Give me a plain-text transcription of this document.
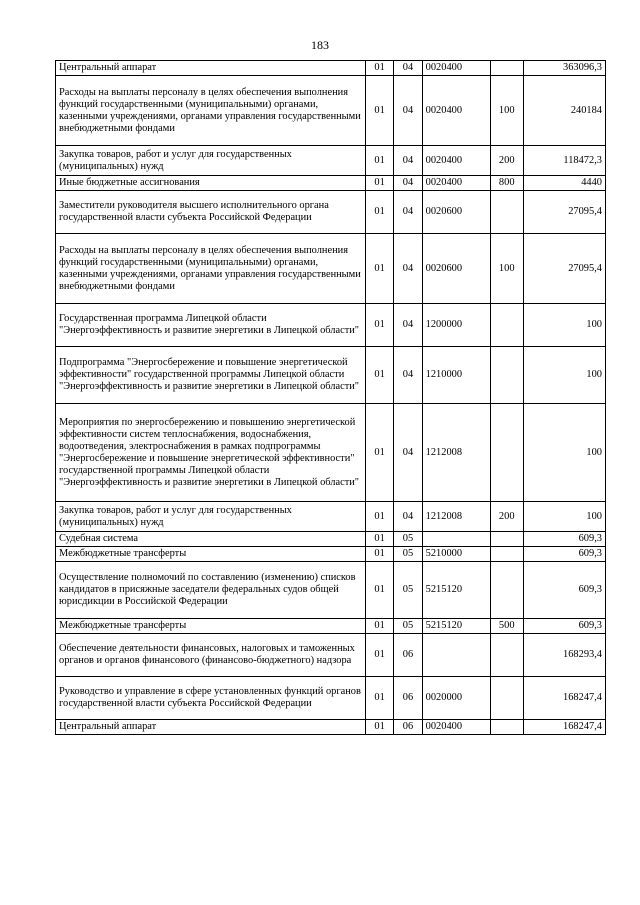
183
Центральный аппарат	01	04	0020400		363096,3
Расходы на выплаты персоналу в целях обеспечения выполнения функций государственными (муниципальными) органами, казенными учреждениями, органами управления государственными внебюджетными фондами	01	04	0020400	100	240184
Закупка товаров, работ и услуг для государственных (муниципальных) нужд	01	04	0020400	200	118472,3
Иные бюджетные ассигнования	01	04	0020400	800	4440
Заместители руководителя высшего исполнительного органа государственной власти субъекта Российской Федерации	01	04	0020600		27095,4
Расходы на выплаты персоналу в целях обеспечения выполнения функций государственными (муниципальными) органами, казенными учреждениями, органами управления государственными внебюджетными фондами	01	04	0020600	100	27095,4
Государственная программа Липецкой области "Энергоэффективность и развитие энергетики в Липецкой области"	01	04	1200000		100
Подпрограмма "Энергосбережение и повышение энергетической эффективности" государственной программы Липецкой области "Энергоэффективность и развитие энергетики в Липецкой области"	01	04	1210000		100
Мероприятия по энергосбережению и повышению энергетической эффективности систем теплоснабжения, водоснабжения, водоотведения, электроснабжения в рамках подпрограммы "Энергосбережение и повышение энергетической эффективности" государственной программы Липецкой области "Энергоэффективность и развитие энергетики в Липецкой области"	01	04	1212008		100
Закупка товаров, работ и услуг для государственных (муниципальных) нужд	01	04	1212008	200	100
Судебная система	01	05			609,3
Межбюджетные трансферты	01	05	5210000		609,3
Осуществление полномочий по составлению (изменению) списков кандидатов в присяжные заседатели федеральных судов общей юрисдикции в Российской Федерации	01	05	5215120		609,3
Межбюджетные трансферты	01	05	5215120	500	609,3
Обеспечение деятельности финансовых, налоговых и таможенных органов и органов финансового (финансово-бюджетного) надзора	01	06			168293,4
Руководство и управление в сфере установленных функций органов государственной власти субъекта Российской Федерации	01	06	0020000		168247,4
Центральный аппарат	01	06	0020400		168247,4
